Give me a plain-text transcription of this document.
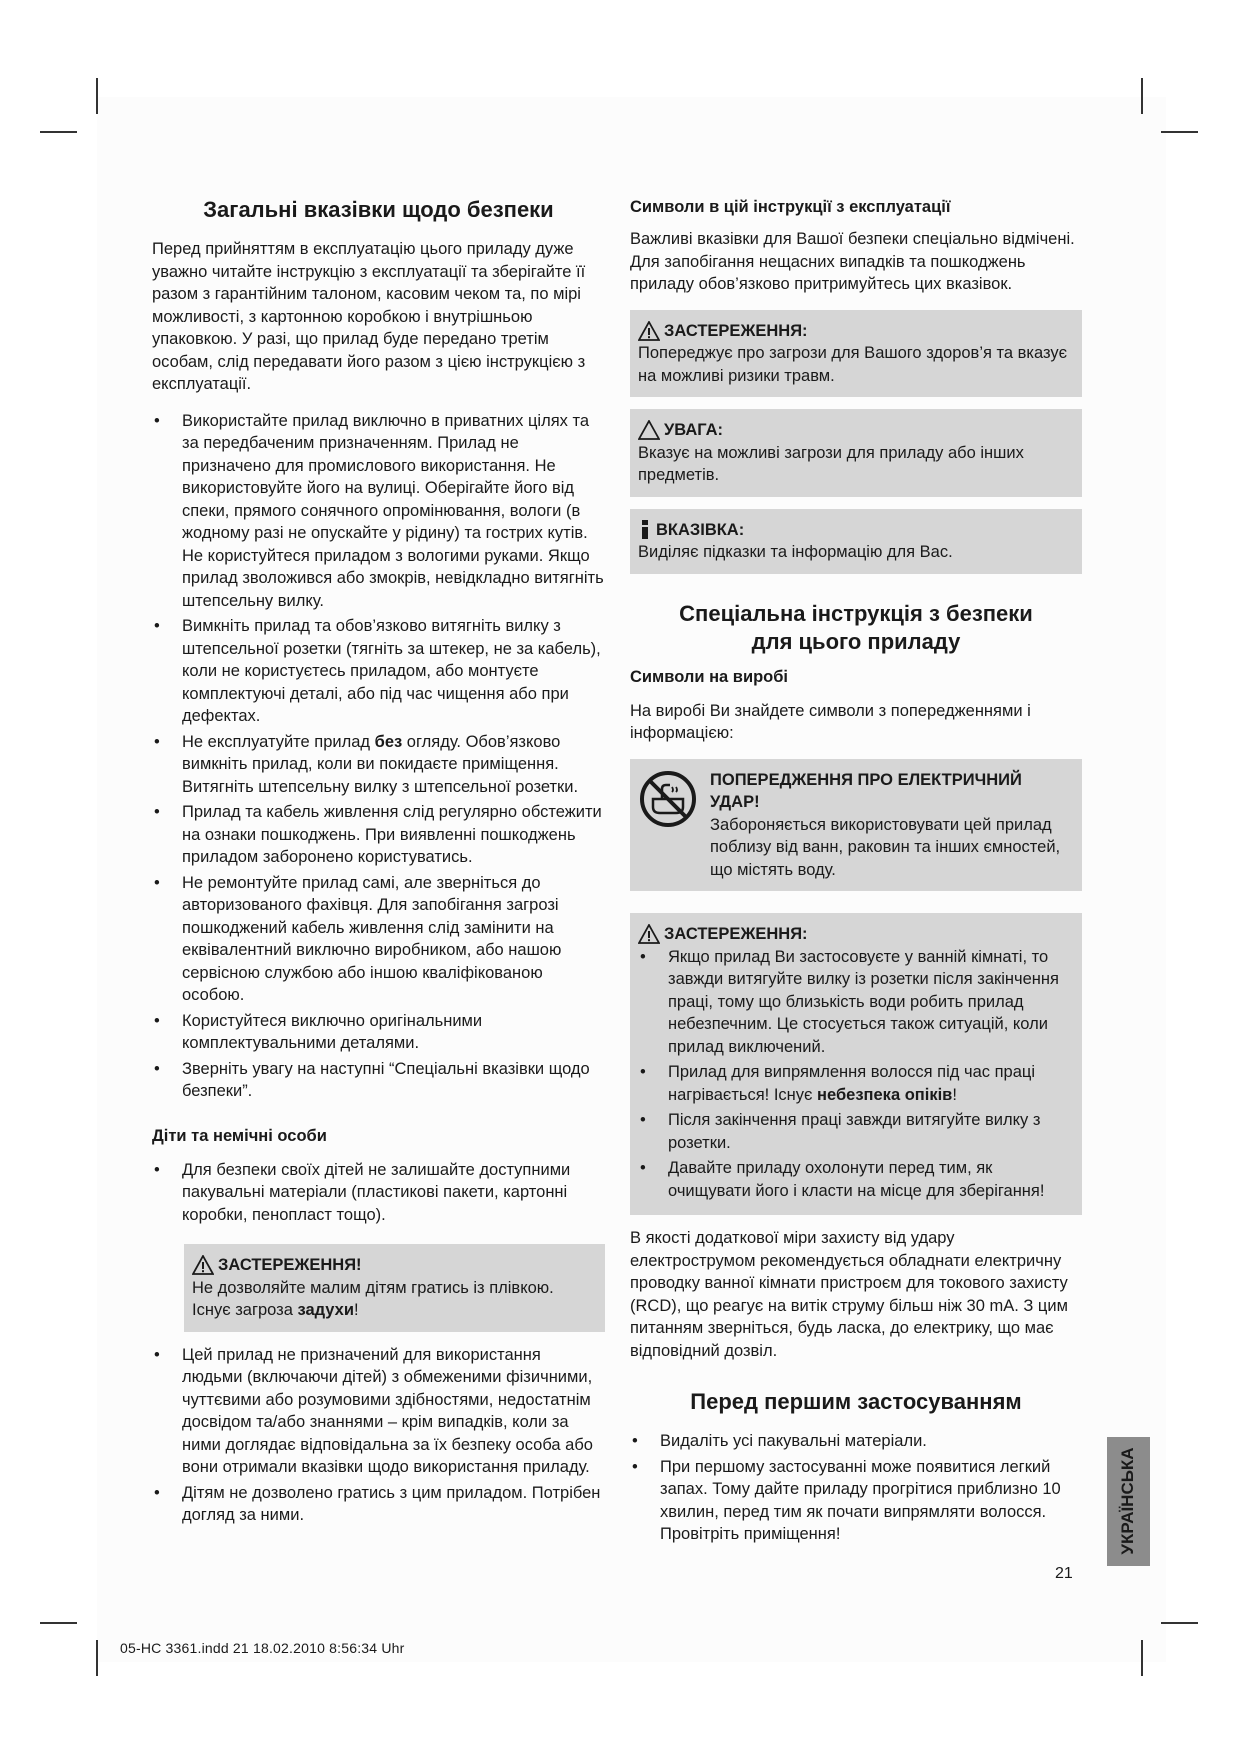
Загальні вказівки щодо безпеки

Перед прийняттям в експлуатацію цього приладу дуже уважно читайте інструкцію з експлуатації та зберігайте її разом з гарантійним талоном, касовим чеком та, по мірі можливості, з картонною коробкою і внутрішньою упаковкою. У разі, що прилад буде передано третім особам, слід передавати його разом з цією інструкцією з експлуатації.

• Використайте прилад виключно в приватних цілях та за передбаченим призначенням. Прилад не призначено для промислового використання. Не використовуйте його на вулиці. Оберігайте його від спеки, прямого сонячного опромінювання, вологи (в жодному разі не опускайте у рідину) та гострих кутів. Не користуйтеся приладом з вологими руками. Якщо прилад зволожився або змокрів, невідкладно витягніть штепсельну вилку.
• Вимкніть прилад та обов’язково витягніть вилку з штепсельної розетки (тягніть за штекер, не за кабель), коли не користуєтесь приладом, або монтуєте комплектуючі деталі, або під час чищення або при дефектах.
• Не експлуатуйте прилад без огляду. Обов’язково вимкніть прилад, коли ви покидаєте приміщення. Витягніть штепсельну вилку з штепсельної розетки.
• Прилад та кабель живлення слід регулярно обстежити на ознаки пошкоджень. При виявленні пошкоджень приладом заборонено користуватись.
• Не ремонтуйте прилад самі, але зверніться до авторизованого фахівця. Для запобігання загрозі пошкоджений кабель живлення слід замінити на еквівалентний виключно виробником, або нашою сервісною службою або іншою кваліфікованою особою.
• Користуйтеся виключно оригінальними комплектувальними деталями.
• Зверніть увагу на наступні “Спеціальні вказівки щодо безпеки”.
Діти та немічні особи
• Для безпеки своїх дітей не залишайте доступними пакувальні матеріали (пластикові пакети, картонні коробки, пенопласт тощо).
ЗАСТЕРЕЖЕННЯ!
Не дозволяйте малим дітям гратись із плівкою.
Існує загроза задухи!
• Цей прилад не призначений для використання людьми (включаючи дітей) з обмеженими фізичними, чуттєвими або розумовими здібностями, недостатнім досвідом та/або знаннями – крім випадків, коли за ними доглядає відповідальна за їх безпеку особа або вони отримали вказівки щодо використання приладу.
• Дітям не дозволено гратись з цим приладом. Потрібен догляд за ними.
Символи в цій інструкції з експлуатації

Важливі вказівки для Вашої безпеки спеціально відмічені. Для запобігання нещасних випадків та пошкоджень приладу обов’язково притримуйтесь цих вказівок.

ЗАСТЕРЕЖЕННЯ:
Попереджує про загрози для Вашого здоров’я та вказує на можливі ризики травм.
УВАГА:
Вказує на можливі загрози для приладу або інших предметів.
ВКАЗІВКА:
Виділяє підказки та інформацію для Вас.
Спеціальна інструкція з безпеки
для цього приладу
Символи на виробі

На виробі Ви знайдете символи з попередженнями і інформацією:

ПОПЕРЕДЖЕННЯ ПРО ЕЛЕКТРИЧНИЙ УДАР!
Забороняється використовувати цей прилад поблизу від ванн, раковин та інших ємностей, що містять воду.
ЗАСТЕРЕЖЕННЯ:
• Якщо прилад Ви застосовуєте у ванній кімнаті, то завжди витягуйте вилку із розетки після закінчення праці, тому що близькість води робить прилад небезпечним. Це стосується також ситуацій, коли прилад виключений.
• Прилад для випрямлення волосся під час праці нагрівається! Існує небезпека опіків!
• Після закінчення праці завжди витягуйте вилку з розетки.
• Давайте приладу охолонути перед тим, як очищувати його і класти на місце для зберігання!

В якості додаткової міри захисту від удару електрострумом рекомендується обладнати електричну проводку ванної кімнати пристроєм для токового захисту (RCD), що реагує на витік струму більш ніж 30 mA. З цим питанням зверніться, будь ласка, до електрику, що має відповідний дозвіл.

Перед першим застосуванням
• Видаліть усі пакувальні матеріали.
• При першому застосуванні може появитися легкий запах. Тому дайте приладу прогрітися приблизно 10 хвилин, перед тим як почати випрямляти волосся. Провітріть приміщення!	УКРАЇНСЬКА
21
05-HC 3361.indd 21 18.02.2010 8:56:34 Uhr
